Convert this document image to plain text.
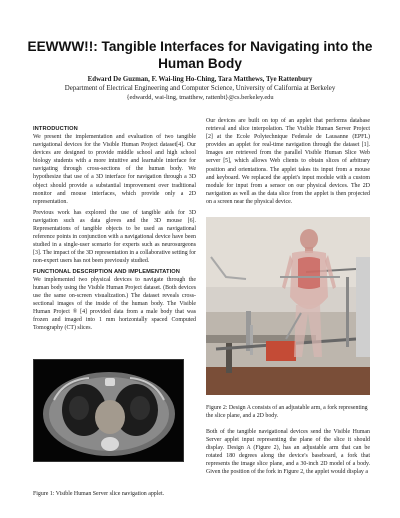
EEWWW!!: Tangible Interfaces for Navigating into the Human Body
Edward De Guzman, F. Wai-ling Ho-Ching, Tara Matthews, Tye Rattenbury
Department of Electrical Engineering and Computer Science, University of California at Berkeley
{edwardd, wai-ling, tmatthew, rattenbt}@cs.berkeley.edu
INTRODUCTION

We present the implementation and evaluation of two tangible navigational devices for the Visible Human Project dataset[4]. Our devices are designed to provide middle school and high school biology students with a more intuitive and learnable interface for navigating through cross-sections of the human body. We hypothesize that use of a 3D interface for navigation through a 3D object should provide a substantial improvement over traditional monitor and mouse interfaces, which provide only a 2D representation.

Previous work has explored the use of tangible aids for 3D navigation such as data gloves and the 3D mouse [6]. Representations of tangible objects to be used as navigational reference points in conjunction with a navigational device have been studied in a single-user scenario for experts such as neurosurgeons [3]. The impact of the 3D representation in a collaborative setting for non-expert users has not been previously studied.

FUNCTIONAL DESCRIPTION AND IMPLEMENTATION

We implemented two physical devices to navigate through the human body using the Visible Human Project dataset. (Both devices use the same on-screen visualization.) The dataset reveals cross-sectional images of the inside of the human body. The Visible Human Project ® [4] provided data from a male body that was frozen and imaged into 1 mm horizontally spaced Computed Tomography (CT) slices.

Figure 1: Visible Human Server slice navigation applet.

Our devices are built on top of an applet that performs database retrieval and slice interpolation. The Visible Human Server Project [2] at the Ecole Polytechnique Federale de Lausanne (EPFL) provides an applet for real-time navigation through the dataset [1]. Images are retrieved from the parallel Visible Human Slice Web server [5], which allows Web clients to obtain slices of arbitrary position and orientations. The applet takes its input from a mouse and keyboard. We replaced the applet's input module with a custom module for input from a sensor on our physical devices. The 2D navigation as well as the data slice from the applet is then projected on a screen near the physical device.

Figure 2: Design A consists of an adjustable arm, a fork representing the slice plane, and a 2D body.

Both of the tangible navigational devices send the Visible Human Server applet input representing the plane of the slice it should display. Design A (Figure 2), has an adjustable arm that can be rotated 180 degrees along the device's baseboard, a fork that represents the image slice plane, and a 30-inch 2D model of a body. Given the position of the fork in Figure 2, the applet would display a
